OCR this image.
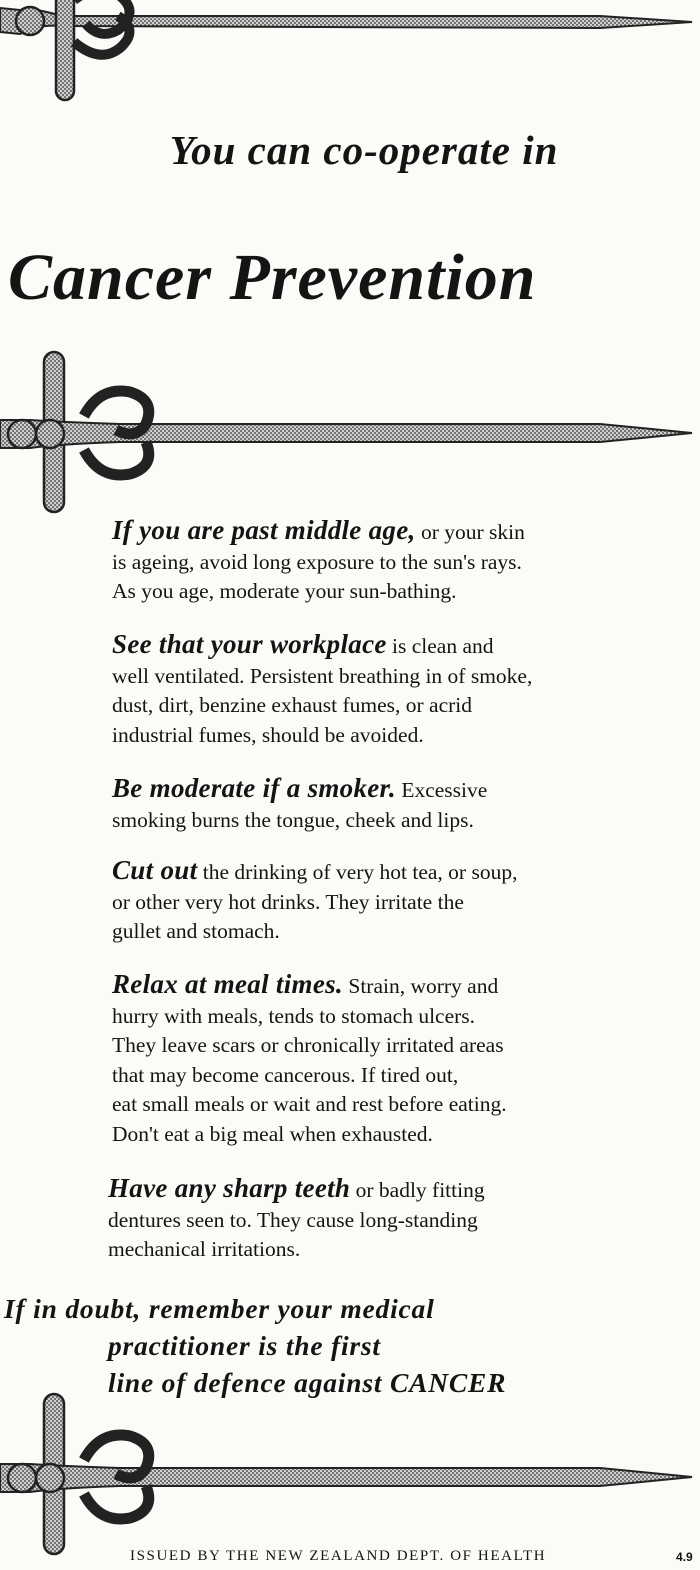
You can co-operate in
Cancer Prevention
If you are past middle age, or your skin
is ageing, avoid long exposure to the sun's rays.
As you age, moderate your sun-bathing.
See that your workplace is clean and
well ventilated. Persistent breathing in of smoke,
dust, dirt, benzine exhaust fumes, or acrid
industrial fumes, should be avoided.
Be moderate if a smoker. Excessive
smoking burns the tongue, cheek and lips.
Cut out the drinking of very hot tea, or soup,
or other very hot drinks. They irritate the
gullet and stomach.
Relax at meal times. Strain, worry and
hurry with meals, tends to stomach ulcers.
They leave scars or chronically irritated areas
that may become cancerous. If tired out,
eat small meals or wait and rest before eating.
Don't eat a big meal when exhausted.
Have any sharp teeth or badly fitting
dentures seen to. They cause long-standing
mechanical irritations.
If in doubt, remember your medical
practitioner is the first
line of defence against CANCER
ISSUED BY THE NEW ZEALAND DEPT. OF HEALTH	4.9
